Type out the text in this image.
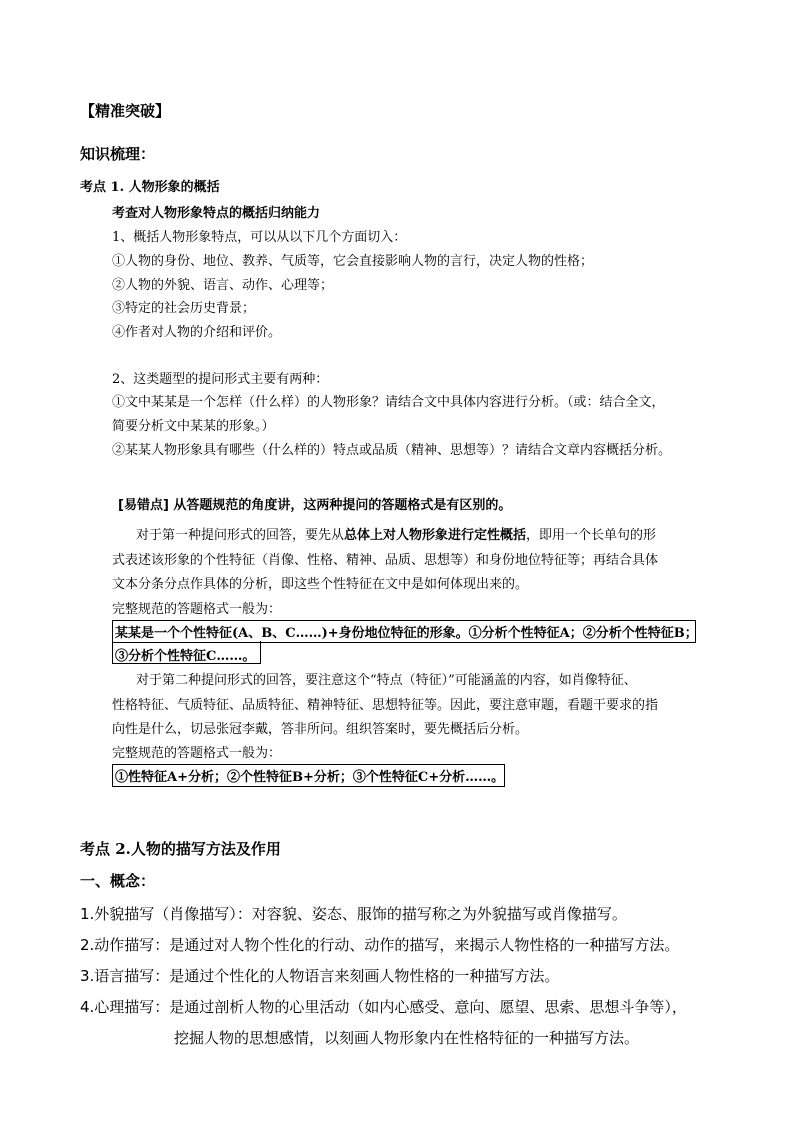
【精准突破】
知识梳理：
考点 1. 人物形象的概括
考查对人物形象特点的概括归纳能力
1、概括人物形象特点，可以从以下几个方面切入：
①人物的身份、地位、教养、气质等，它会直接影响人物的言行，决定人物的性格；
②人物的外貌、语言、动作、心理等；
③特定的社会历史背景；
④作者对人物的介绍和评价。
2、这类题型的提问形式主要有两种：
①文中某某是一个怎样（什么样）的人物形象？请结合文中具体内容进行分析。（或：结合全文，
简要分析文中某某的形象。）
②某某人物形象具有哪些（什么样的）特点或品质（精神、思想等）？请结合文章内容概括分析。
[易错点] 从答题规范的角度讲，这两种提问的答题格式是有区别的。
对于第一种提问形式的回答，要先从总体上对人物形象进行定性概括，即用一个长单句的形
式表述该形象的个性特征（肖像、性格、精神、品质、思想等）和身份地位特征等；再结合具体
文本分条分点作具体的分析，即这些个性特征在文中是如何体现出来的。
完整规范的答题格式一般为：
某某是一个个性特征(A、B、C……)+身份地位特征的形象。①分析个性特征A；②分析个性特征B；
③分析个性特征C……。
对于第二种提问形式的回答，要注意这个“特点（特征）”可能涵盖的内容，如肖像特征、
性格特征、气质特征、品质特征、精神特征、思想特征等。因此，要注意审题，看题干要求的指
向性是什么，切忌张冠李戴，答非所问。组织答案时，要先概括后分析。
完整规范的答题格式一般为：
①性特征A+分析；②个性特征B+分析；③个性特征C+分析……。
考点 2.人物的描写方法及作用
一、概念：
1.外貌描写（肖像描写）：对容貌、姿态、服饰的描写称之为外貌描写或肖像描写。
2.动作描写：是通过对人物个性化的行动、动作的描写，来揭示人物性格的一种描写方法。
3.语言描写：是通过个性化的人物语言来刻画人物性格的一种描写方法。
4.心理描写：是通过剖析人物的心里活动（如内心感受、意向、愿望、思索、思想斗争等），
挖掘人物的思想感情，以刻画人物形象内在性格特征的一种描写方法。
